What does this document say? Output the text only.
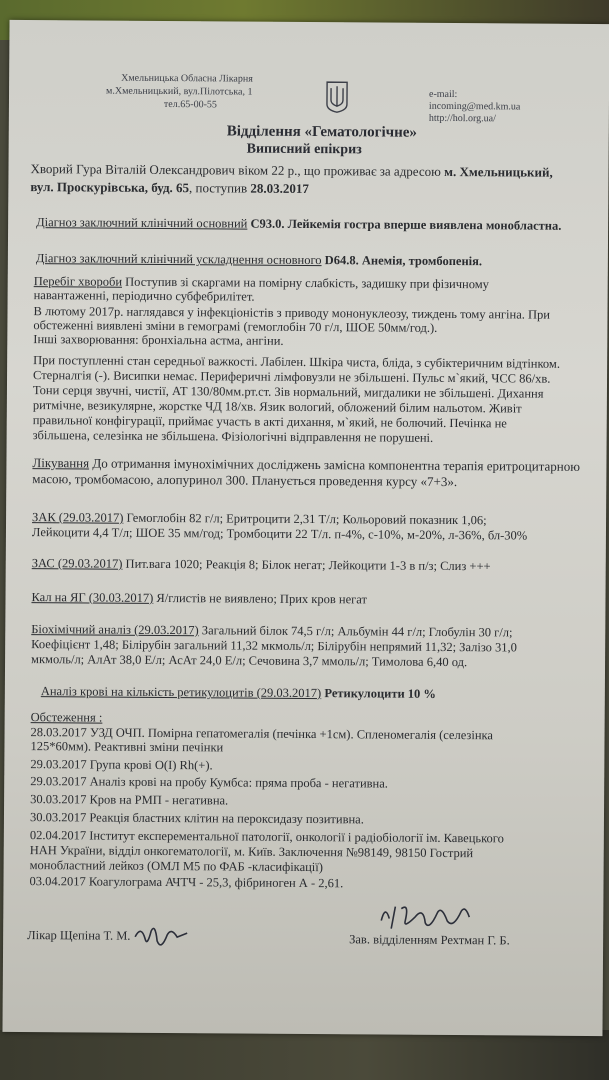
Хмельницька Обласна Лікарня
м.Хмельницький, вул.Пілотська, 1
тел.65-00-55
e-mail:
incoming@med.km.ua
http://hol.org.ua/
Відділення «Гематологічне»
Виписний епікриз
Хворий Гура Віталій Олександрович віком 22 р., що проживає за адресою м. Хмельницький,
вул. Проскурівська, буд. 65, поступив 28.03.2017
Діагноз заключний клінічний основний С93.0. Лейкемія гостра вперше виявлена монобластна.
Діагноз заключний клінічний ускладнення основного D64.8. Анемія, тромбопенія.
Перебіг хвороби Поступив зі скаргами на помірну слабкість, задишку при фізичному
навантаженні, періодично субфебрилітет.
В лютому 2017р. наглядався у інфекціоністів з приводу мононуклеозу, тиждень тому ангіна. При
обстеженні виявлені зміни в гемограмі (гемоглобін 70 г/л, ШОЕ 50мм/год.).
Інші захворювання: бронхіальна астма, ангіни.
При поступленні стан середньої важкості. Лабілен. Шкіра чиста, бліда, з субіктеричним відтінком.
Стерналгія (-). Висипки немає. Периферичні лімфовузли не збільшені. Пульс м`який, ЧСС 86/хв.
Тони серця звучні, чистії, АТ 130/80мм.рт.ст. Зів нормальний, мигдалики не збільшені. Дихання
ритмічне, везикулярне, жорстке ЧД 18/хв. Язик вологий, обложений білим нальотом. Живіт
правильної конфігурації, приймає участь в акті дихання, м`який, не болючий. Печінка не
збільшена, селезінка не збільшена. Фізіологічні відправлення не порушені.
Лікування До отримання імунохімічних досліджень замісна компонентна терапія еритроцитарною
масою, тромбомасою, алопуринол 300. Планується проведення курсу «7+3».
ЗАК (29.03.2017) Гемоглобін 82 г/л; Еритроцити 2,31 Т/л; Кольоровий показник 1,06;
Лейкоцити 4,4 Т/л; ШОЕ 35 мм/год; Тромбоцити 22 Т/л. п-4%, с-10%, м-20%, л-36%, бл-30%
ЗАС (29.03.2017) Пит.вага 1020; Реакція 8; Білок негат; Лейкоцити 1-3 в п/з; Слиз +++
Кал на ЯГ (30.03.2017) Я/глистів не виявлено; Прих кров негат
Біохімічний аналіз (29.03.2017) Загальний білок 74,5 г/л; Альбумін 44 г/л; Глобулін 30 г/л;
Коефіцієнт 1,48; Білірубін загальний 11,32 мкмоль/л; Білірубін непрямий 11,32; Залізо 31,0
мкмоль/л; АлАт 38,0 Е/л; АсАт 24,0 Е/л; Сечовина 3,7 ммоль/л; Тимолова 6,40 од.
Аналіз крові на кількість ретикулоцитів (29.03.2017) Ретикулоцити 10 %
Обстеження :
28.03.2017 УЗД ОЧП. Помірна гепатомегалія (печінка +1см). Спленомегалія (селезінка
125*60мм). Реактивні зміни печінки
29.03.2017 Група крові O(I) Rh(+).
29.03.2017 Аналіз крові на пробу Кумбса: пряма проба - негативна.
30.03.2017 Кров на РМП - негативна.
30.03.2017 Реакція бластних клітин на пероксидазу позитивна.
02.04.2017 Інститут експерементальної патології, онкології і радіобіології ім. Кавецького
НАН України, відділ онкогематології, м. Київ. Заключення №98149, 98150 Гострий
монобластний лейкоз (ОМЛ М5 по ФАБ -класифікації)
03.04.2017 Коагулограма АЧТЧ - 25,3, фібриноген А - 2,61.
Лікар Щепіна Т. М.	Зав. відділенням Рехтман Г. Б.
